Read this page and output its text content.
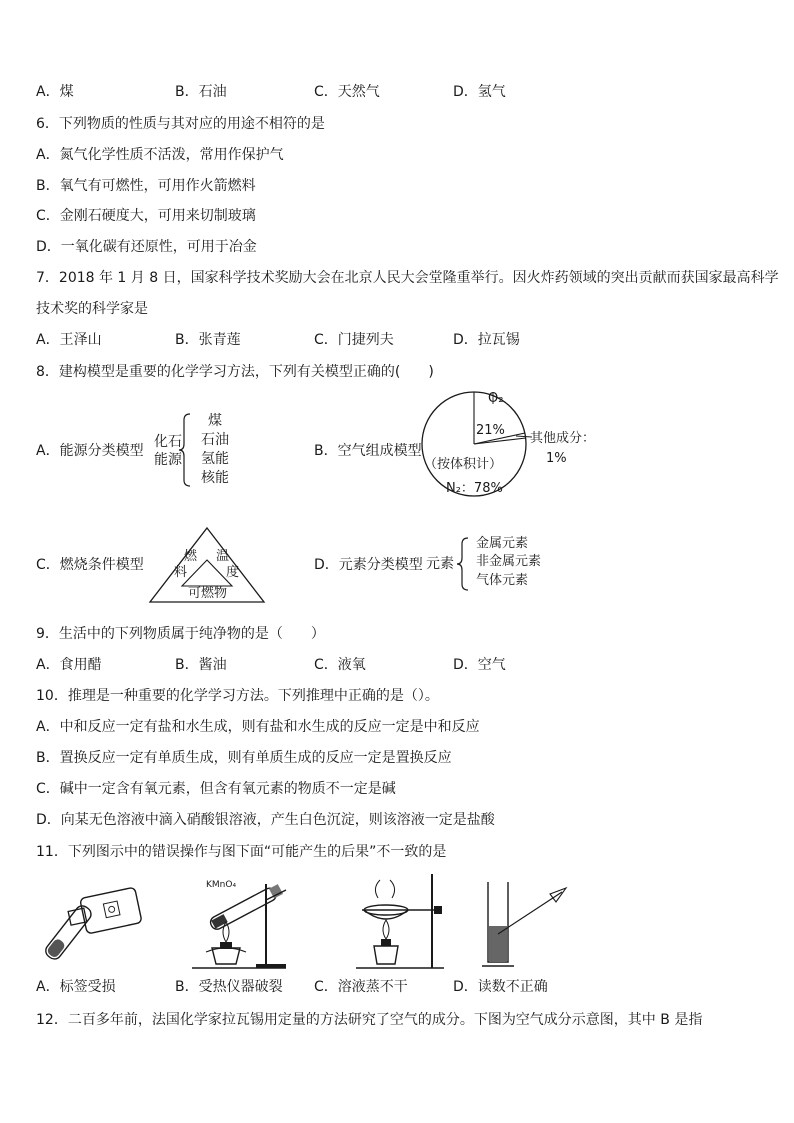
A．煤	B．石油	C．天然气	D．氢气
6．下列物质的性质与其对应的用途不相符的是
A．氮气化学性质不活泼，常用作保护气
B．氧气有可燃性，可用作火箭燃料
C．金刚石硬度大，可用来切制玻璃
D．一氧化碳有还原性，可用于冶金
7．2018 年 1 月 8 日，国家科学技术奖励大会在北京人民大会堂隆重举行。因火炸药领域的突出贡献而获国家最高科学
技术奖的科学家是
A．王泽山	B．张青莲	C．门捷列夫	D．拉瓦锡
8．建构模型是重要的化学学习方法，下列有关模型正确的(　　)
A．能源分类模型
化石
能源
煤
石油
氢能
核能
B．空气组成模型
O₂
21%
其他成分：
1%
（按体积计）
N₂：78%
C．燃烧条件模型
燃
料
温
度
可燃物
D．元素分类模型 元素
金属元素
非金属元素
气体元素
9．生活中的下列物质属于纯净物的是（　　）
A．食用醋	B．酱油	C．液氧	D．空气
10．推理是一种重要的化学学习方法。下列推理中正确的是（）。
A．中和反应一定有盐和水生成，则有盐和水生成的反应一定是中和反应
B．置换反应一定有单质生成，则有单质生成的反应一定是置换反应
C．碱中一定含有氧元素，但含有氧元素的物质不一定是碱
D．向某无色溶液中滴入硝酸银溶液，产生白色沉淀，则该溶液一定是盐酸
11．下列图示中的错误操作与图下面“可能产生的后果”不一致的是
KMnO₄
A．标签受损	B．受热仪器破裂 C．溶液蒸不干	D．读数不正确
12．二百多年前，法国化学家拉瓦锡用定量的方法研究了空气的成分。下图为空气成分示意图，其中 B 是指
